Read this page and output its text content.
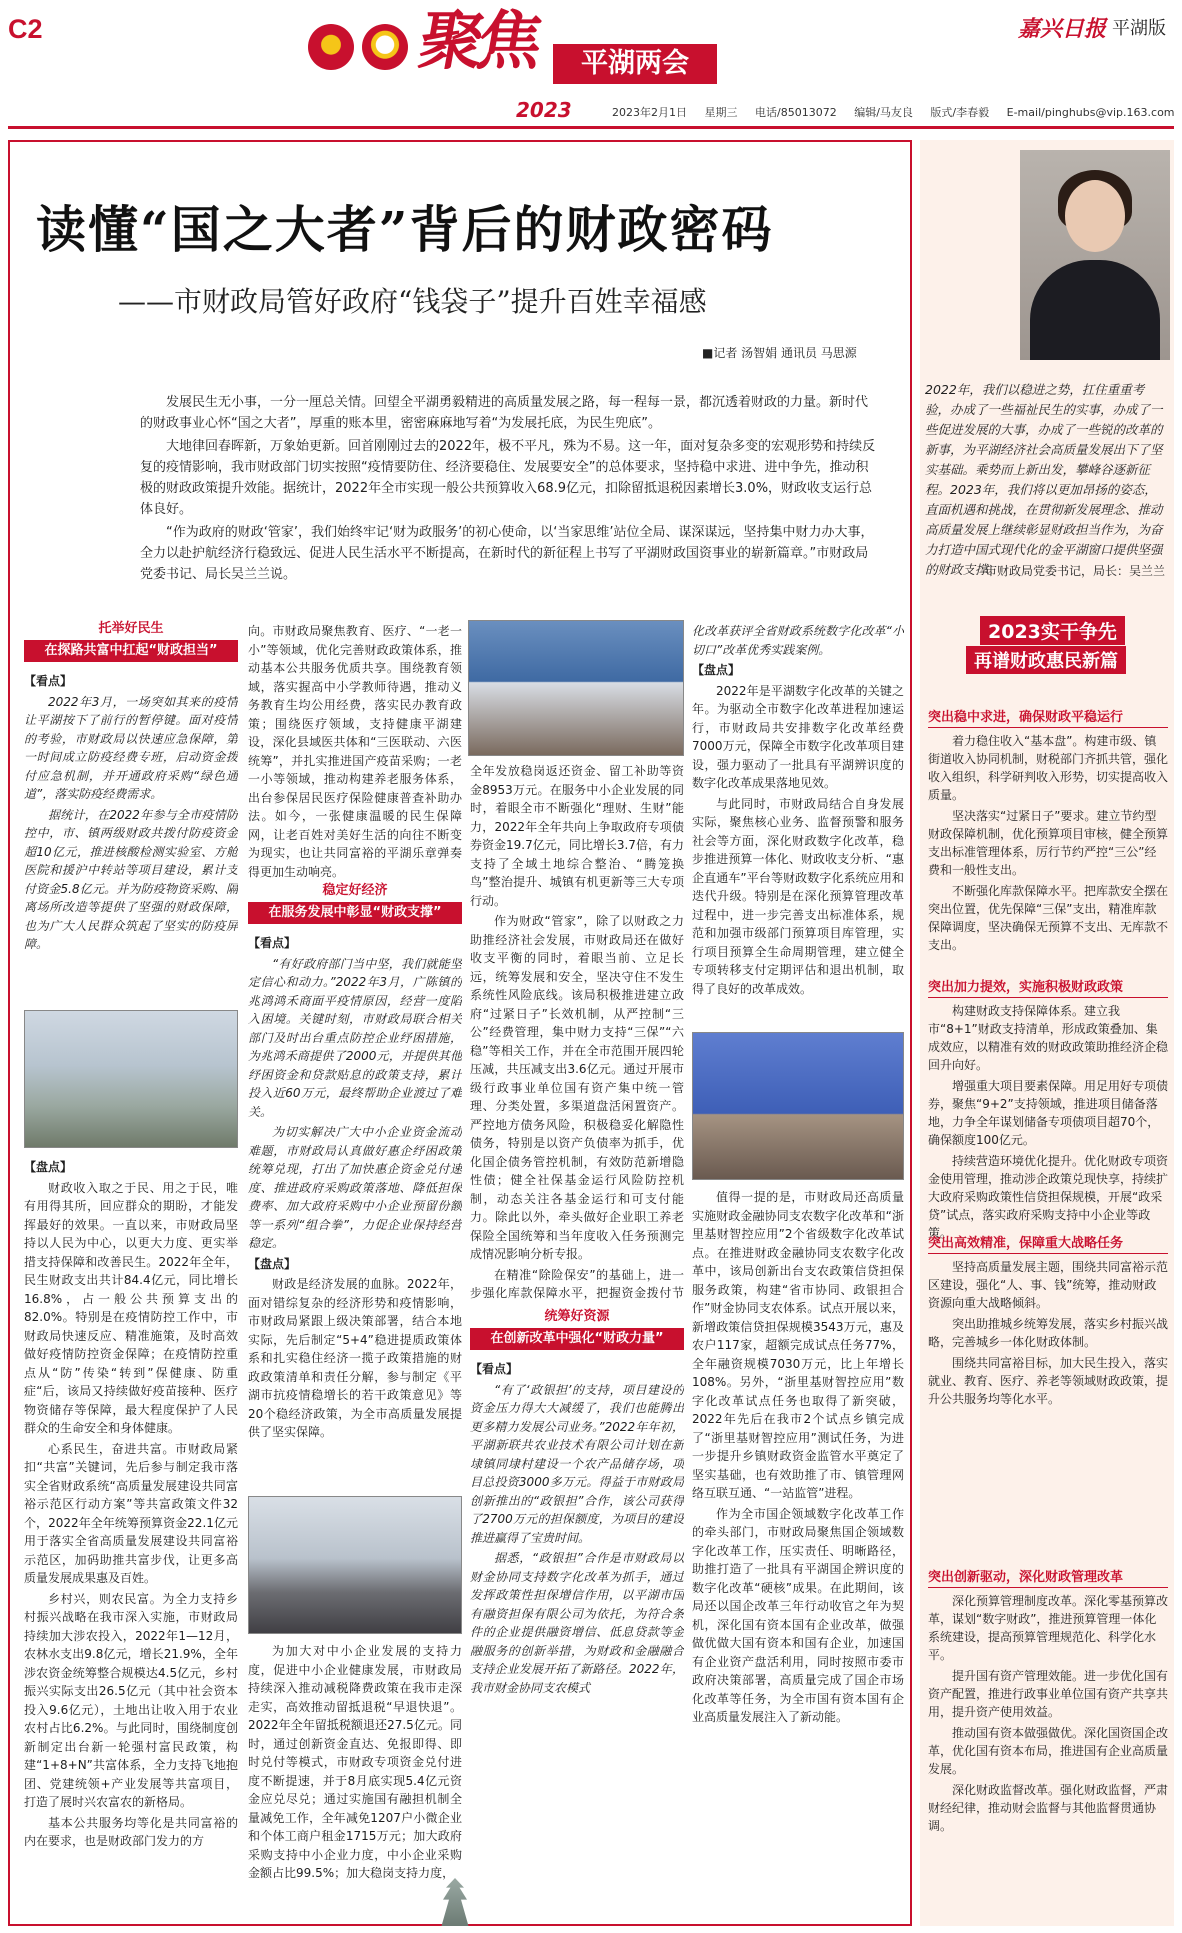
C2	聚焦
2023
平湖两会
嘉兴日报 平湖版
2023年2月1日 星期三 电话/85013072 编辑/马友良 版式/李春毅 E-mail/pinghubs@vip.163.com
读懂“国之大者”背后的财政密码
——市财政局管好政府“钱袋子”提升百姓幸福感
■记者 汤智娟 通讯员 马思源

发展民生无小事，一分一厘总关情。回望全平湖勇毅精进的高质量发展之路，每一程每一景，都沉透着财政的力量。新时代的财政事业心怀“国之大者”，厚重的账本里，密密麻麻地写着“为发展托底，为民生兜底”。

大地律回春晖新，万象始更新。回首刚刚过去的2022年，极不平凡，殊为不易。这一年，面对复杂多变的宏观形势和持续反复的疫情影响，我市财政部门切实按照“疫情要防住、经济要稳住、发展要安全”的总体要求，坚持稳中求进、进中争先，推动积极的财政政策提升效能。据统计，2022年全市实现一般公共预算收入68.9亿元，扣除留抵退税因素增长3.0%，财政收支运行总体良好。

“作为政府的财政‘管家’，我们始终牢记‘财为政服务’的初心使命，以‘当家思维’站位全局、谋深谋远，坚持集中财力办大事，全力以赴护航经济行稳致远、促进人民生活水平不断提高，在新时代的新征程上书写了平湖财政国资事业的崭新篇章。”市财政局党委书记、局长吴兰兰说。

2022年，我们以稳进之势，扛住重重考验，办成了一些福祉民生的实事，办成了一些促进发展的大事，办成了一些锐的改革的新事，为平湖经济社会高质量发展出下了坚实基础。乘势而上新出发，攀峰谷逐新征程。2023年，我们将以更加昂扬的姿态，直面机遇和挑战，在贯彻新发展理念、推动高质量发展上继续彰显财政担当作为，为奋力打造中国式现代化的金平湖窗口提供坚强的财政支撑。
市财政局党委书记，局长：吴兰兰
2023实干争先
再谱财政惠民新篇
突出稳中求进，确保财政平稳运行

着力稳住收入“基本盘”。构建市级、镇街道收入协同机制，财税部门齐抓共管，强化收入组织，科学研判收入形势，切实提高收入质量。

坚决落实“过紧日子”要求。建立节约型财政保障机制，优化预算项目审核，健全预算支出标准管理体系，厉行节约严控“三公”经费和一般性支出。

不断强化库款保障水平。把库款安全摆在突出位置，优先保障“三保”支出，精准库款保障调度，坚决确保无预算不支出、无库款不支出。

突出加力提效，实施积极财政政策

构建财政支持保障体系。建立我市“8+1”财政支持清单，形成政策叠加、集成效应，以精准有效的财政政策助推经济企稳回升向好。

增强重大项目要素保障。用足用好专项债券，聚焦“9+2”支持领域，推进项目储备落地，力争全年谋划储备专项债项目超70个，确保额度100亿元。

持续营造环境优化提升。优化财政专项资金使用管理，推动涉企政策兑现快享，持续扩大政府采购政策性信贷担保规模，开展“政采贷”试点，落实政府采购支持中小企业等政策。

突出高效精准，保障重大战略任务

坚持高质量发展主题，围绕共同富裕示范区建设，强化“人、事、钱”统筹，推动财政资源向重大战略倾斜。

突出助推城乡统筹发展，落实乡村振兴战略，完善城乡一体化财政体制。

围绕共同富裕目标，加大民生投入，落实就业、教育、医疗、养老等领域财政政策，提升公共服务均等化水平。

突出创新驱动，深化财政管理改革

深化预算管理制度改革。深化零基预算改革，谋划“数字财政”，推进预算管理一体化系统建设，提高预算管理规范化、科学化水平。

提升国有资产管理效能。进一步优化国有资产配置，推进行政事业单位国有资产共享共用，提升资产使用效益。

推动国有资本做强做优。深化国资国企改革，优化国有资本布局，推进国有企业高质量发展。

深化财政监督改革。强化财政监督，严肃财经纪律，推动财会监督与其他监督贯通协调。

托举好民生
在探路共富中扛起“财政担当”

【看点】

2022年3月，一场突如其来的疫情让平湖按下了前行的暂停键。面对疫情的考验，市财政局以快速应急保障，第一时间成立防疫经费专班，启动资金拨付应急机制，并开通政府采购“绿色通道”，落实防疫经费需求。

据统计，在2022年参与全市疫情防控中，市、镇两级财政共拨付防疫资金超10亿元，推进核酸检测实验室、方舱医院和援沪中转站等项目建设，累计支付资金5.8亿元。并为防疫物资采购、隔离场所改造等提供了坚强的财政保障，也为广大人民群众筑起了坚实的防疫屏障。

【盘点】

财政收入取之于民、用之于民，唯有用得其所，回应群众的期盼，才能发挥最好的效果。一直以来，市财政局坚持以人民为中心，以更大力度、更实举措支持保障和改善民生。2022年全年，民生财政支出共计84.4亿元，同比增长16.8%，占一般公共预算支出的82.0%。特别是在疫情防控工作中，市财政局快速反应、精准施策，及时高效做好疫情防控资金保障；在疫情防控重点从“防”传染“转到”保健康、防重症“后，该局又持续做好疫苗接种、医疗物资储存等保障，最大程度保护了人民群众的生命安全和身体健康。

心系民生，奋进共富。市财政局紧扣“共富”关键词，先后参与制定我市落实全省财政系统“高质量发展建设共同富裕示范区行动方案”等共富政策文件32个，2022年全年统筹预算资金22.1亿元用于落实全省高质量发展建设共同富裕示范区，加码助推共富步伐，让更多高质量发展成果惠及百姓。

乡村兴，则农民富。为全力支持乡村振兴战略在我市深入实施，市财政局持续加大涉农投入，2022年1—12月，农林水支出9.8亿元，增长21.9%，全年涉农资金统筹整合规模达4.5亿元，乡村振兴实际支出26.5亿元（其中社会资本投入9.6亿元），土地出让收入用于农业农村占比6.2%。与此同时，围绕制度创新制定出台新一轮强村富民政策，构建“1+8+N”共富体系，全力支持飞地抱团、党建统领+产业发展等共富项目，打造了展时兴农富农的新格局。

基本公共服务均等化是共同富裕的内在要求，也是财政部门发力的方

向。市财政局聚焦教育、医疗、“一老一小”等领域，优化完善财政政策体系，推动基本公共服务优质共享。围绕教育领域，落实握高中小学教师待遇，推动义务教育生均公用经费，落实民办教育政策；围绕医疗领域，支持健康平湖建设，深化县域医共体和“三医联动、六医统筹”，并扎实推进国产疫苗采购；一老一小等领域，推动构建养老服务体系，出台参保居民医疗保险健康普查补助办法。如今，一张健康温暖的民生保障网，让老百姓对美好生活的向往不断变为现实，也让共同富裕的平湖乐章弹奏得更加生动响亮。

稳定好经济
在服务发展中彰显“财政支撑”

【看点】

“有好政府部门当中坚，我们就能坚定信心和动力。”2022年3月，广陈镇的兆鸿鸿禾商面平疫情原因，经营一度陷入困境。关键时刻，市财政局联合相关部门及时出台重点防控企业纾困措施，为兆鸿禾商提供了2000元，并提供其他纾困资金和贷款贴息的政策支持，累计投入近60万元，最终帮助企业渡过了难关。

为切实解决广大中小企业资金流动难题，市财政局认真做好惠企纾困政策统筹兑现，打出了加快惠企资金兑付速度、推进政府采购政策落地、降低担保费率、加大政府采购中小企业预留份额等一系列“组合拳”，力促企业保持经营稳定。

【盘点】

财政是经济发展的血脉。2022年，面对错综复杂的经济形势和疫情影响，市财政局紧跟上级决策部署，结合本地实际，先后制定“5+4”稳进提质政策体系和扎实稳住经济一揽子政策措施的财政政策清单和责任分解，参与制定《平湖市抗疫情稳增长的若干政策意见》等20个稳经济政策，为全市高质量发展提供了坚实保障。

为加大对中小企业发展的支持力度，促进中小企业健康发展，市财政局持续深入推动减税降费政策在我市走深走实，高效推动留抵退税“早退快退”。2022年全年留抵税额退还27.5亿元。同时，通过创新资金直达、免报即得、即时兑付等模式，市财政专项资金兑付进度不断提速，并于8月底实现5.4亿元资金应兑尽兑；通过实施国有融担机制全量减免工作，全年减免1207户小微企业和个体工商户租金1715万元；加大政府采购支持中小企业力度，中小企业采购金额占比99.5%；加大稳岗支持力度，

全年发放稳岗返还资金、留工补助等资金8953万元。在服务中小企业发展的同时，着眼全市不断强化“理财、生财”能力，2022年全年共向上争取政府专项债券资金19.7亿元，同比增长3.7倍，有力支持了全域土地综合整治、“腾笼换鸟”整治提升、城镇有机更新等三大专项行动。

作为财政“管家”，除了以财政之力助推经济社会发展，市财政局还在做好收支平衡的同时，着眼当前、立足长远，统筹发展和安全，坚决守住不发生系统性风险底线。该局积极推进建立政府“过紧日子”长效机制，从严控制“三公”经费管理，集中财力支持“三保”“六稳”等相关工作，并在全市范围开展四轮压减，共压减支出3.6亿元。通过开展市级行政事业单位国有资产集中统一管理、分类处置，多渠道盘活闲置资产。严控地方债务风险，积极稳妥化解隐性债务，特别是以资产负债率为抓手，优化国企债务管控机制，有效防范新增隐性债；健全社保基金运行风险防控机制，动态关注各基金运行和可支付能力。除此以外，牵头做好企业职工养老保险全国统筹和当年度收入任务预测完成情况影响分析专报。

在精准“除险保安”的基础上，进一步强化库款保障水平，把握资金拨付节

统筹好资源
在创新改革中强化“财政力量”

【看点】

“有了‘政银担’的支持，项目建设的资金压力得大大减缓了，我们也能腾出更多精力发展公司业务。”2022年年初，平湖新联共农业技术有限公司计划在新埭镇同埭村建设一个农产品储存场，项目总投资3000多万元。得益于市财政局创新推出的“政银担”合作，该公司获得了2700万元的担保额度，为项目的建设推进赢得了宝贵时间。

据悉，“政银担”合作是市财政局以财金协同支持数字化改革为抓手，通过发挥政策性担保增信作用，以平湖市国有融资担保有限公司为依托，为符合条件的企业提供融资增信、低息贷款等金融服务的创新举措，为财政和金融融合支持企业发展开拓了新路径。2022年，我市财金协同支农模式

化改革获评全省财政系统数字化改革“小切口”改革优秀实践案例。

【盘点】

2022年是平湖数字化改革的关键之年。为驱动全市数字化改革进程加速运行，市财政局共安排数字化改革经费7000万元，保障全市数字化改革项目建设，强力驱动了一批具有平湖辨识度的数字化改革成果落地见效。

与此同时，市财政局结合自身发展实际，聚焦核心业务、监督预警和服务社会等方面，深化财政数字化改革，稳步推进预算一体化、财政收支分析、“惠企直通车”平台等财政数字化系统应用和迭代升级。特别是在深化预算管理改革过程中，进一步完善支出标准体系，规范和加强市级部门预算项目库管理，实行项目预算全生命周期管理，建立健全专项转移支付定期评估和退出机制，取得了良好的改革成效。

值得一提的是，市财政局还高质量实施财政金融协同支农数字化改革和“浙里基财智控应用”2个省级数字化改革试点。在推进财政金融协同支农数字化改革中，该局创新出台支农政策信贷担保服务政策，构建“省市协同、政银担合作”财金协同支农体系。试点开展以来，新增政策信贷担保规模3543万元，惠及农户117家，超额完成试点任务77%，全年融资规模7030万元，比上年增长108%。另外，“浙里基财智控应用”数字化改革试点任务也取得了新突破，2022年先后在我市2个试点乡镇完成了“浙里基财智控应用”测试任务，为进一步提升乡镇财政资金监管水平奠定了坚实基础，也有效助推了市、镇管理网络互联互通、“一站监管”进程。

作为全市国企领域数字化改革工作的牵头部门，市财政局聚焦国企领域数字化改革工作，压实责任、明晰路径，助推打造了一批具有平湖国企辨识度的数字化改革“硬核”成果。在此期间，该局还以国企改革三年行动收官之年为契机，深化国有资本国有企业改革，做强做优做大国有资本和国有企业，加速国有企业资产盘活利用，同时按照市委市政府决策部署，高质量完成了国企市场化改革等任务，为全市国有资本国有企业高质量发展注入了新动能。
